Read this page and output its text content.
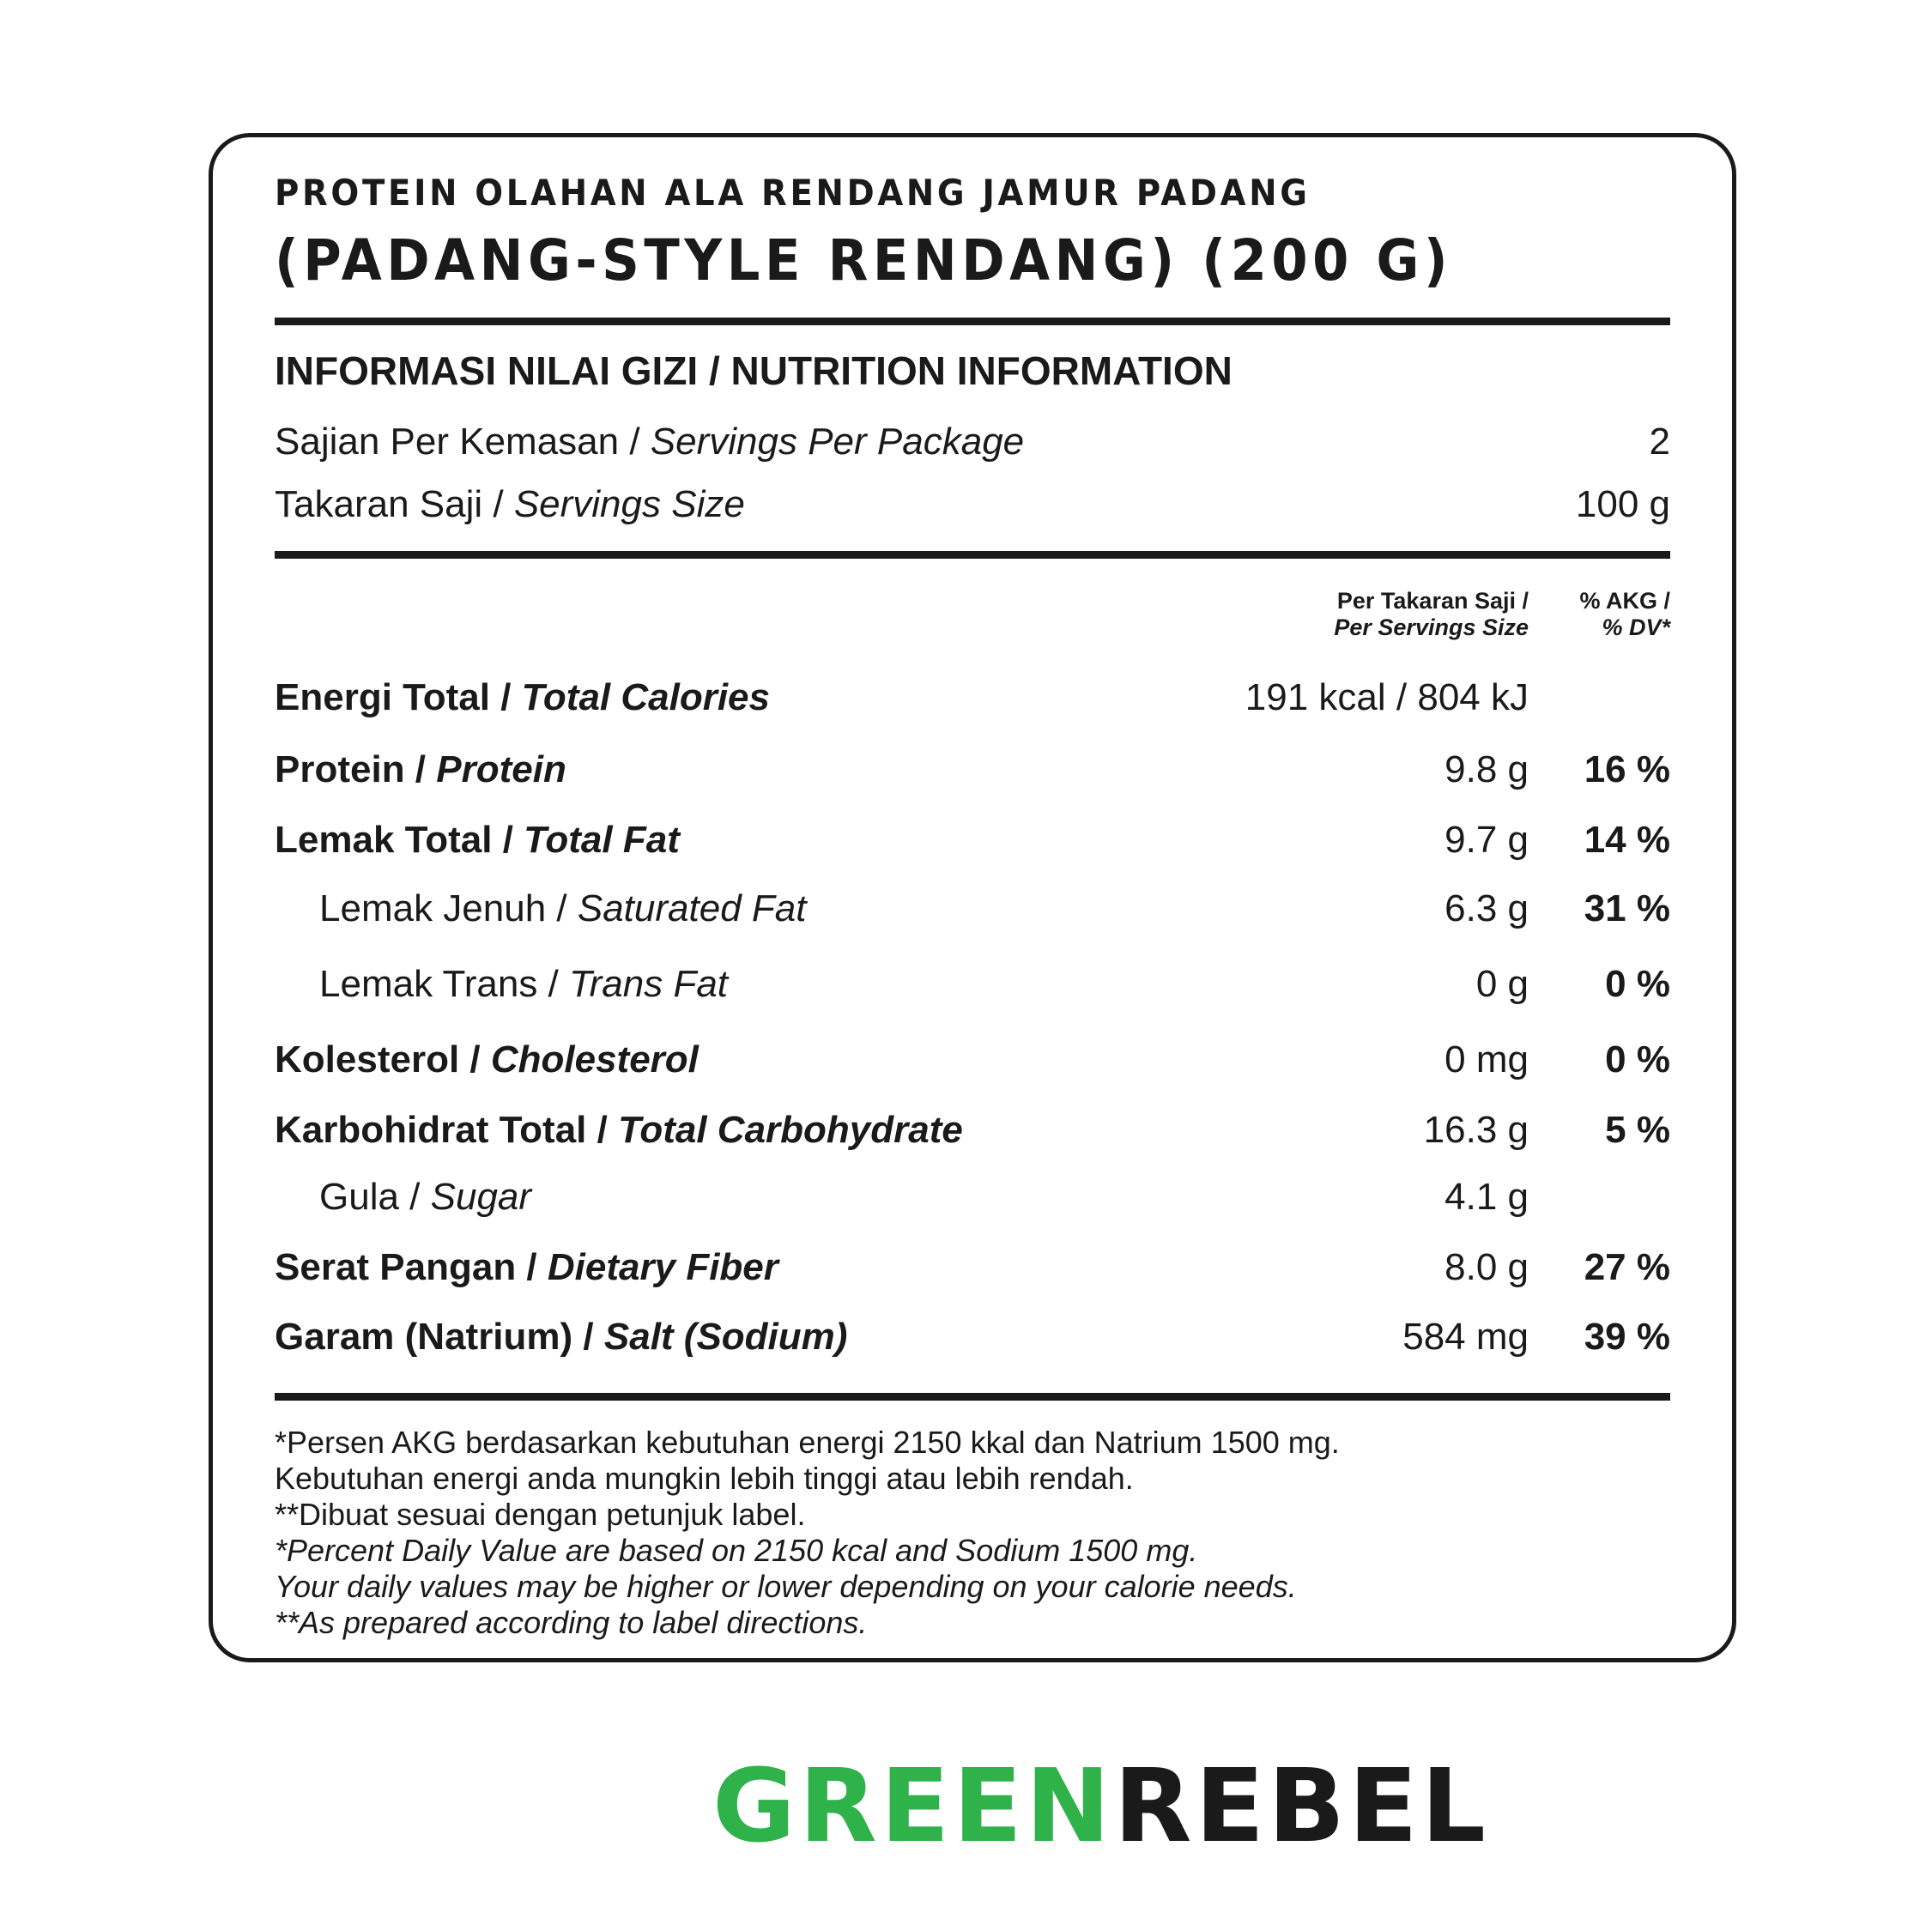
PROTEIN OLAHAN ALA RENDANG JAMUR PADANG
(PADANG-STYLE RENDANG) (200 G)
INFORMASI NILAI GIZI / NUTRITION INFORMATION
Sajian Per Kemasan / Servings Per Package	2
Takaran Saji / Servings Size	100 g
Per Takaran Saji /
Per Servings Size
% AKG /
% DV*
Energi Total / Total Calories	191 kcal / 804 kJ
Protein / Protein	9.8 g 16 %
Lemak Total / Total Fat	9.7 g 14 %
Lemak Jenuh / Saturated Fat	6.3 g 31 %
Lemak Trans / Trans Fat	0 g 0 %
Kolesterol / Cholesterol	0 mg 0 %
Karbohidrat Total / Total Carbohydrate	16.3 g 5 %
Gula / Sugar	4.1 g
Serat Pangan / Dietary Fiber	8.0 g 27 %
Garam (Natrium) / Salt (Sodium)	584 mg 39 %
*Persen AKG berdasarkan kebutuhan energi 2150 kkal dan Natrium 1500 mg.
Kebutuhan energi anda mungkin lebih tinggi atau lebih rendah.
**Dibuat sesuai dengan petunjuk label.
*Percent Daily Value are based on 2150 kcal and Sodium 1500 mg.
Your daily values may be higher or lower depending on your calorie needs.
**As prepared according to label directions.
GREENREBEL
